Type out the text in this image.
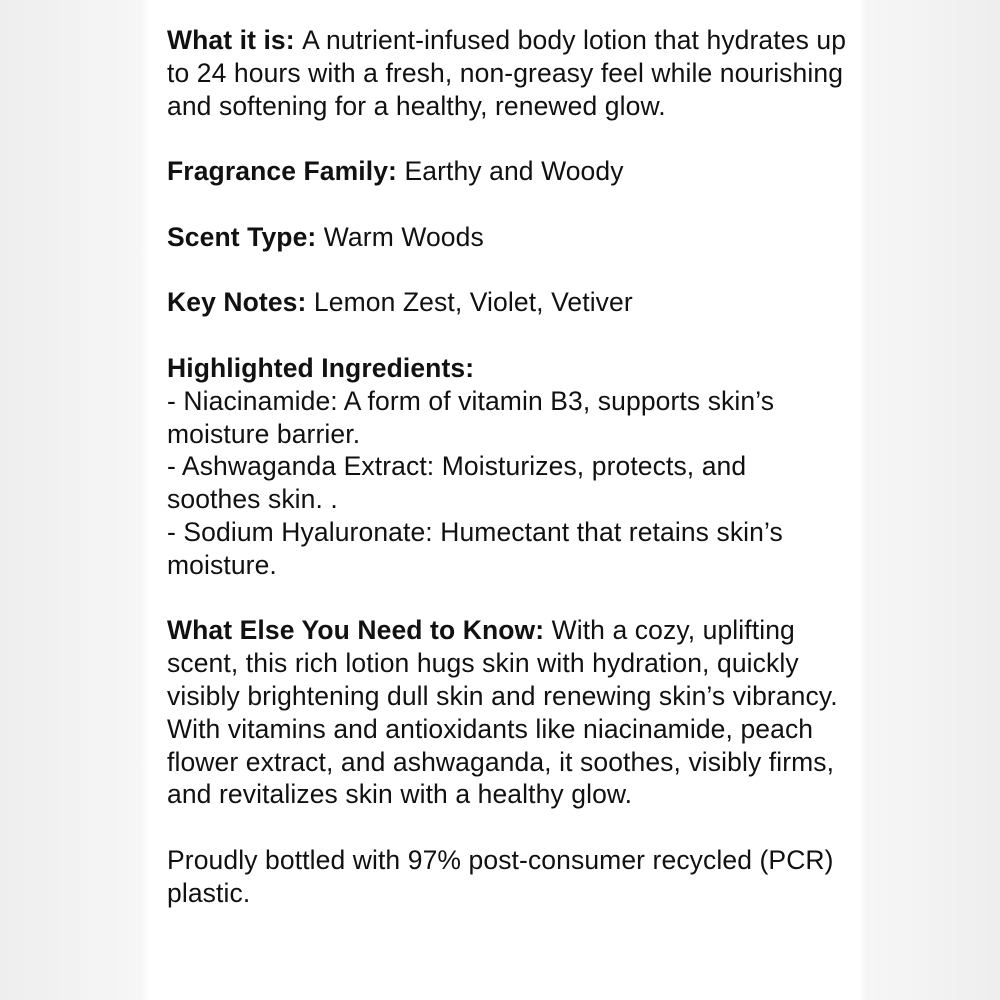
What it is: A nutrient-infused body lotion that hydrates up to 24 hours with a fresh, non-greasy feel while nourishing and softening for a healthy, renewed glow.

Fragrance Family: Earthy and Woody

Scent Type: Warm Woods

Key Notes: Lemon Zest, Violet, Vetiver

Highlighted Ingredients:
- Niacinamide: A form of vitamin B3, supports skin’s moisture barrier.
- Ashwaganda Extract: Moisturizes, protects, and soothes skin. .
- Sodium Hyaluronate: Humectant that retains skin’s moisture.

What Else You Need to Know: With a cozy, uplifting scent, this rich lotion hugs skin with hydration, quickly visibly brightening dull skin and renewing skin’s vibrancy. With vitamins and antioxidants like niacinamide, peach flower extract, and ashwaganda, it soothes, visibly firms, and revitalizes skin with a healthy glow.

Proudly bottled with 97% post-consumer recycled (PCR) plastic.
